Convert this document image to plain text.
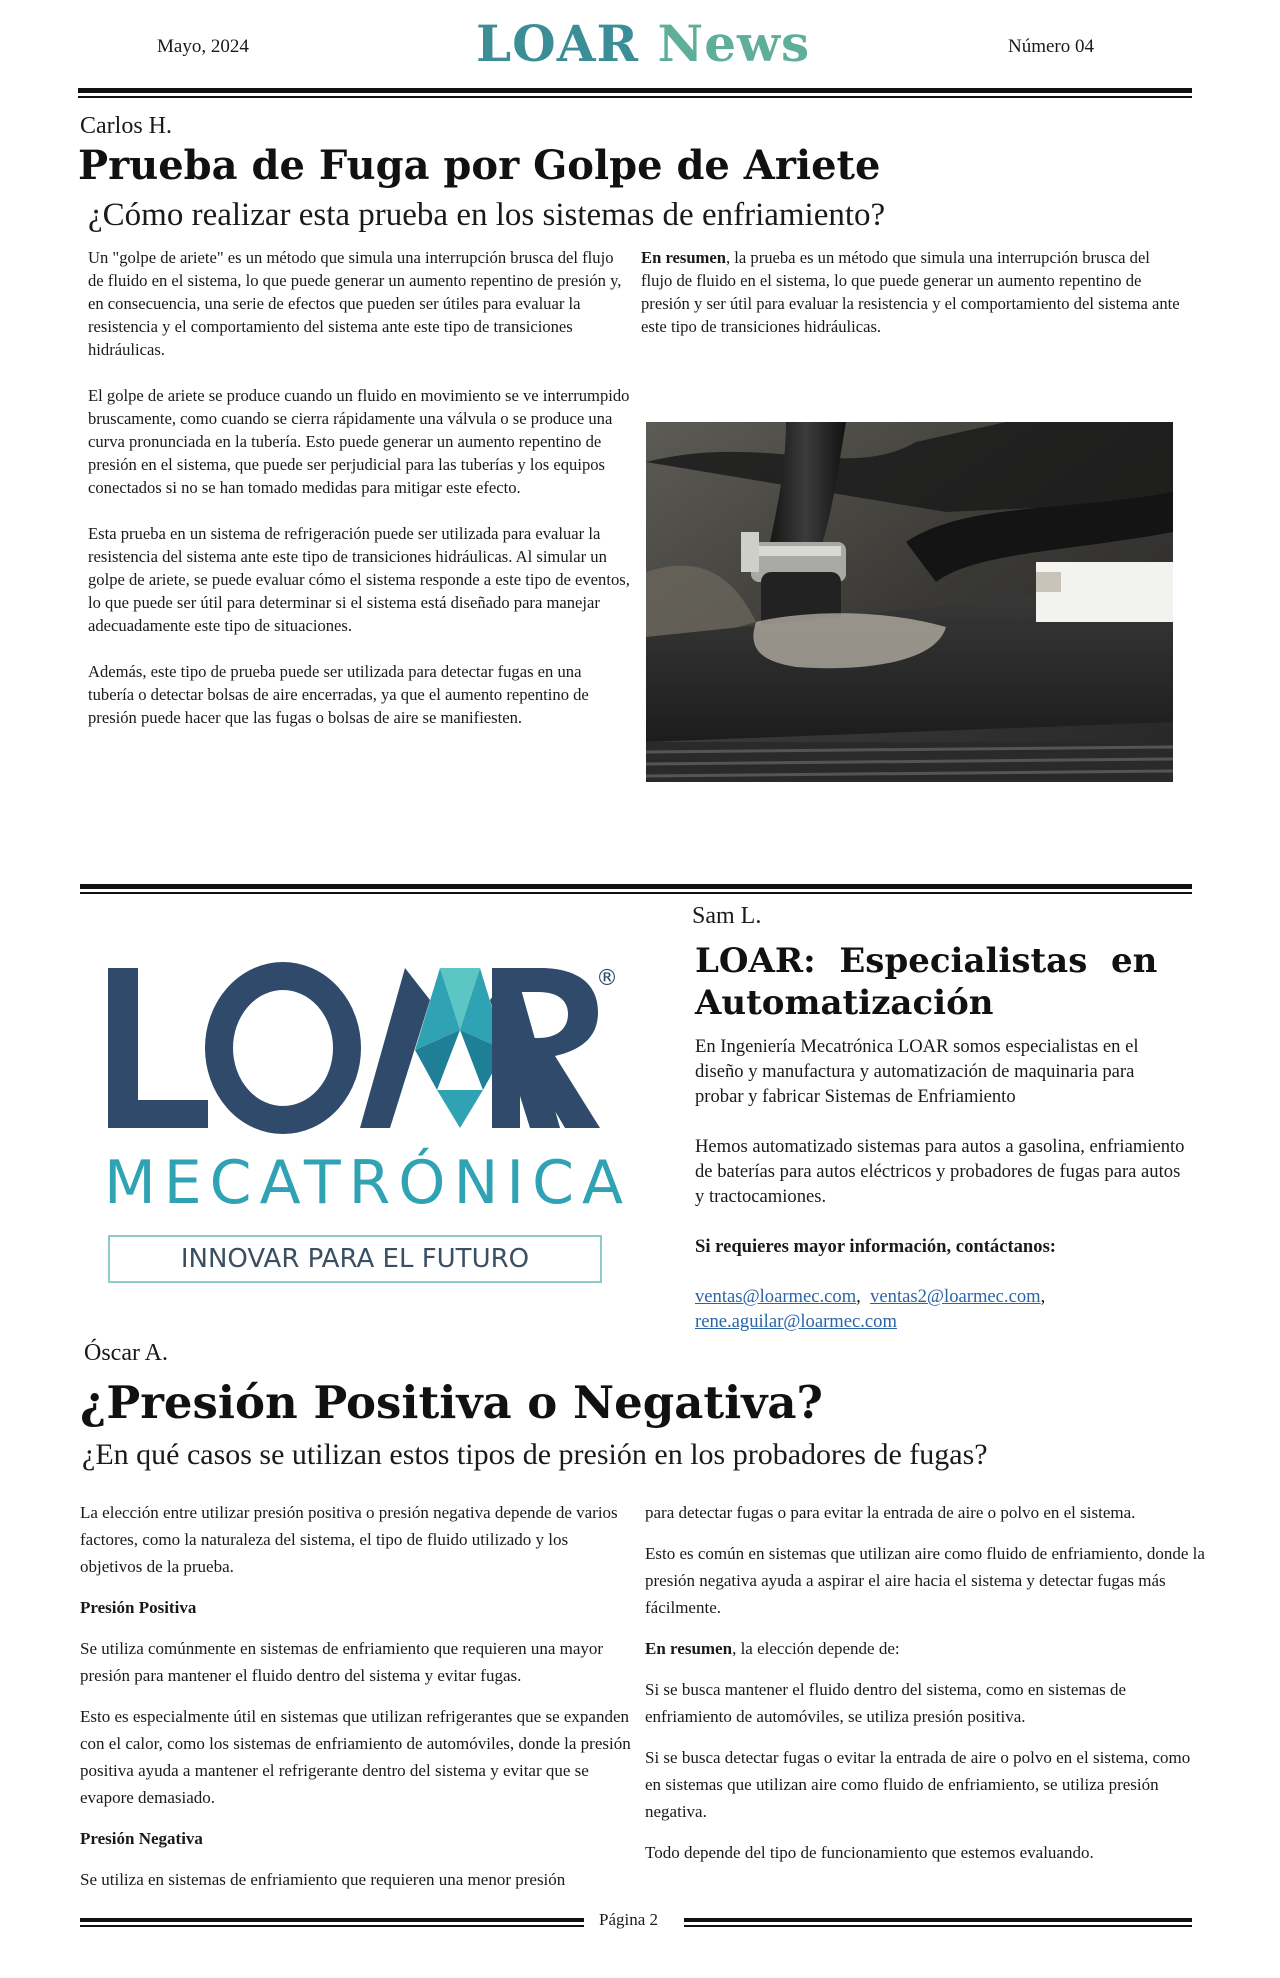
Mayo, 2024	LOAR News	Número 04
Carlos H.
Prueba de Fuga por Golpe de Ariete
¿Cómo realizar esta prueba en los sistemas de enfriamiento?

Un "golpe de ariete" es un método que simula una interrupción brusca del flujo de fluido en el sistema, lo que puede generar un aumento repentino de presión y, en consecuencia, una serie de efectos que pueden ser útiles para evaluar la resistencia y el comportamiento del sistema ante este tipo de transiciones hidráulicas.

El golpe de ariete se produce cuando un fluido en movimiento se ve interrumpido bruscamente, como cuando se cierra rápidamente una válvula o se produce una curva pronunciada en la tubería. Esto puede generar un aumento repentino de presión en el sistema, que puede ser perjudicial para las tuberías y los equipos conectados si no se han tomado medidas para mitigar este efecto.

Esta prueba en un sistema de refrigeración puede ser utilizada para evaluar la resistencia del sistema ante este tipo de transiciones hidráulicas. Al simular un golpe de ariete, se puede evaluar cómo el sistema responde a este tipo de eventos, lo que puede ser útil para determinar si el sistema está diseñado para manejar adecuadamente este tipo de situaciones.

Además, este tipo de prueba puede ser utilizada para detectar fugas en una tubería o detectar bolsas de aire encerradas, ya que el aumento repentino de presión puede hacer que las fugas o bolsas de aire se manifiesten.

En resumen, la prueba es un método que simula una interrupción brusca del flujo de fluido en el sistema, lo que puede generar un aumento repentino de presión y ser útil para evaluar la resistencia y el comportamiento del sistema ante este tipo de transiciones hidráulicas.

®
MECATRÓNICA
INNOVAR PARA EL FUTURO
Sam L.
LOAR:  Especialistas  en
Automatización

En Ingeniería Mecatrónica LOAR somos especialistas en el diseño y manufactura y automatización de maquinaria para probar y fabricar Sistemas de Enfriamiento

Hemos automatizado sistemas para autos a gasolina, enfriamiento de baterías para autos eléctricos y probadores de fugas para autos y tractocamiones.

Si requieres mayor información, contáctanos:

ventas@loarmec.com, ventas2@loarmec.com,
rene.aguilar@loarmec.com

Óscar A.
¿Presión Positiva o Negativa?
¿En qué casos se utilizan estos tipos de presión en los probadores de fugas?

La elección entre utilizar presión positiva o presión negativa depende de varios factores, como la naturaleza del sistema, el tipo de fluido utilizado y los objetivos de la prueba.

Presión Positiva

Se utiliza comúnmente en sistemas de enfriamiento que requieren una mayor presión para mantener el fluido dentro del sistema y evitar fugas.

Esto es especialmente útil en sistemas que utilizan refrigerantes que se expanden con el calor, como los sistemas de enfriamiento de automóviles, donde la presión positiva ayuda a mantener el refrigerante dentro del sistema y evitar que se evapore demasiado.

Presión Negativa

Se utiliza en sistemas de enfriamiento que requieren una menor presión

para detectar fugas o para evitar la entrada de aire o polvo en el sistema.

Esto es común en sistemas que utilizan aire como fluido de enfriamiento, donde la presión negativa ayuda a aspirar el aire hacia el sistema y detectar fugas más fácilmente.

En resumen, la elección depende de:

Si se busca mantener el fluido dentro del sistema, como en sistemas de enfriamiento de automóviles, se utiliza presión positiva.

Si se busca detectar fugas o evitar la entrada de aire o polvo en el sistema, como en sistemas que utilizan aire como fluido de enfriamiento, se utiliza presión negativa.

Todo depende del tipo de funcionamiento que estemos evaluando.

Página 2
